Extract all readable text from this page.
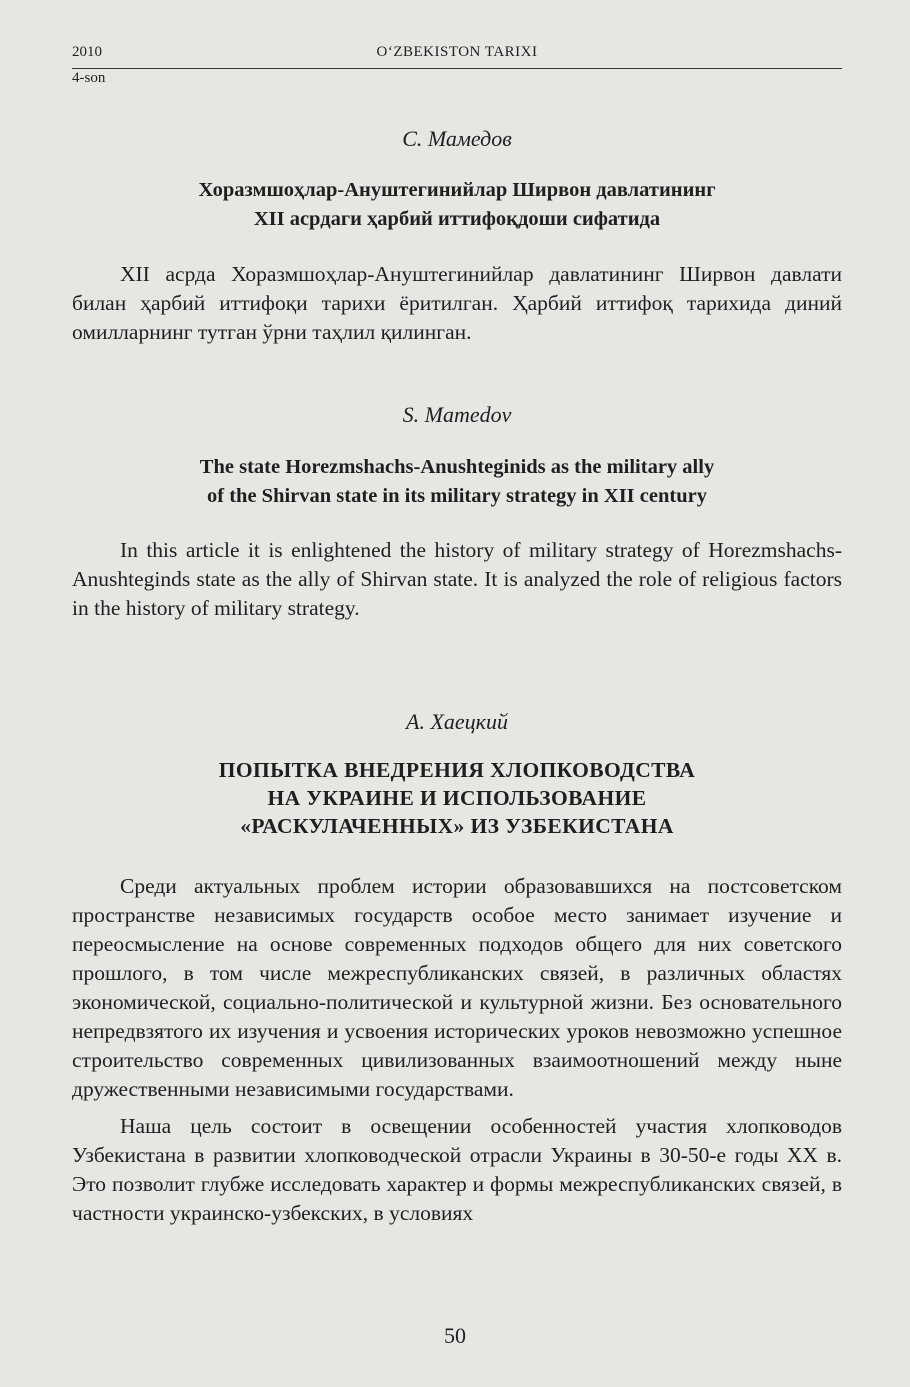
2010	O‘ZBEKISTON TARIXI
4-son
С. Мамедов
Хоразмшоҳлар-Ануштегинийлар Ширвон давлатининг
XII асрдаги ҳарбий иттифоқдоши сифатида

XII асрда Хоразмшоҳлар-Ануштегинийлар давлатининг Ширвон давлати билан ҳарбий иттифоқи тарихи ёритилган. Ҳарбий иттифоқ тарихида диний омилларнинг тутган ўрни таҳлил қилинган.

S. Mamedov
The state Horezmshachs-Anushteginids as the military ally
of the Shirvan state in its military strategy in XII century

In this article it is enlightened the history of military strategy of Horezmshachs-Anushteginds state as the ally of Shirvan state. It is analyzed the role of religious factors in the history of military strategy.

А. Хаецкий
ПОПЫТКА ВНЕДРЕНИЯ ХЛОПКОВОДСТВА
НА УКРАИНЕ И ИСПОЛЬЗОВАНИЕ
«РАСКУЛАЧЕННЫХ» ИЗ УЗБЕКИСТАНА

Среди актуальных проблем истории образовавшихся на постсоветском пространстве независимых государств особое место занимает изучение и переосмысление на основе современных подходов общего для них советского прошлого, в том числе межреспубликанских связей, в различных областях экономической, социально-политической и культурной жизни. Без основательного непредвзятого их изучения и усвоения исторических уроков невозможно успешное строительство современных цивилизованных взаимоотношений между ныне дружественными независимыми государствами.

Наша цель состоит в освещении особенностей участия хлопководов Узбекистана в развитии хлопководческой отрасли Украины в 30-50-е годы XX в. Это позволит глубже исследовать характер и формы межреспубликанских связей, в частности украинско-узбекских, в условиях

50
